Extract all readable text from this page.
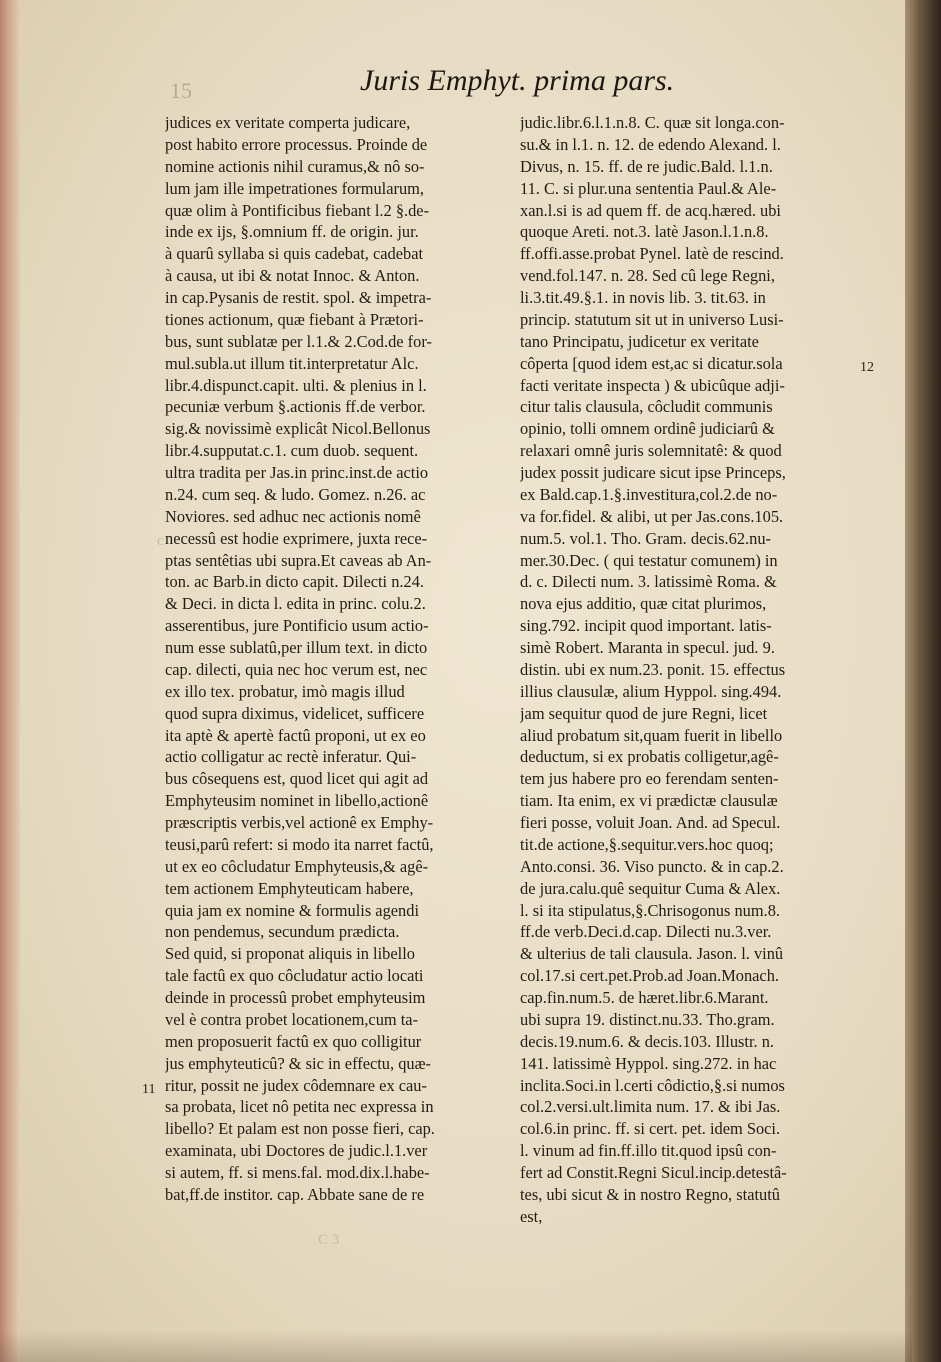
15	Juris Emphyt. prima pars.
judices ex veritate comperta judicare,
post habito errore processus. Proinde de
nomine actionis nihil curamus,& nô so-
lum jam ille impetrationes formularum,
quæ olim à Pontificibus fiebant l.2 §.de-
inde ex ijs, §.omnium ff. de origin. jur.
à quarû syllaba si quis cadebat, cadebat
à causa, ut ibi & notat Innoc. & Anton.
in cap.Pysanis de restit. spol. & impetra-
tiones actionum, quæ fiebant à Prætori-
bus, sunt sublatæ per l.1.& 2.Cod.de for-
mul.subla.ut illum tit.interpretatur Alc.
libr.4.dispunct.capit. ulti. & plenius in l.
pecuniæ verbum §.actionis ff.de verbor.
sig.& novissimè explicât Nicol.Bellonus
libr.4.supputat.c.1. cum duob. sequent.
ultra tradita per Jas.in princ.inst.de actio
n.24. cum seq. & ludo. Gomez. n.26. ac
Noviores. sed adhuc nec actionis nomê
necessû est hodie exprimere, juxta rece-
ptas sentêtias ubi supra.Et caveas ab An-
ton. ac Barb.in dicto capit. Dilecti n.24.
& Deci. in dicta l. edita in princ. colu.2.
asserentibus, jure Pontificio usum actio-
num esse sublatû,per illum text. in dicto
cap. dilecti, quia nec hoc verum est, nec
ex illo tex. probatur, imò magis illud
quod supra diximus, videlicet, sufficere
ita aptè & apertè factû proponi, ut ex eo
actio colligatur ac rectè inferatur. Qui-
bus côsequens est, quod licet qui agit ad
Emphyteusim nominet in libello,actionê
præscriptis verbis,vel actionê ex Emphy-
teusi,parû refert: si modo ita narret factû,
ut ex eo côcludatur Emphyteusis,& agê-
tem actionem Emphyteuticam habere,
quia jam ex nomine & formulis agendi
non pendemus, secundum prædicta.
Sed quid, si proponat aliquis in libello
tale factû ex quo côcludatur actio locati
deinde in processû probet emphyteusim
vel è contra probet locationem,cum ta-
men proposuerit factû ex quo colligitur
jus emphyteuticû? & sic in effectu, quæ-
ritur, possit ne judex côdemnare ex cau-
sa probata, licet nô petita nec expressa in
libello? Et palam est non posse fieri, cap.
examinata, ubi Doctores de judic.l.1.ver
si autem, ff. si mens.fal. mod.dix.l.habe-
bat,ff.de institor. cap. Abbate sane de re
judic.libr.6.l.1.n.8. C. quæ sit longa.con-
su.& in l.1. n. 12. de edendo Alexand. l.
Divus, n. 15. ff. de re judic.Bald. l.1.n.
11. C. si plur.una sententia Paul.& Ale-
xan.l.si is ad quem ff. de acq.hæred. ubi
quoque Areti. not.3. latè Jason.l.1.n.8.
ff.offi.asse.probat Pynel. latè de rescind.
vend.fol.147. n. 28. Sed cû lege Regni,
li.3.tit.49.§.1. in novis lib. 3. tit.63. in
princip. statutum sit ut in universo Lusi-
tano Principatu, judicetur ex veritate
côperta [quod idem est,ac si dicatur.sola
facti veritate inspecta ) & ubicûque adji-
citur talis clausula, côcludit communis
opinio, tolli omnem ordinê judiciarû &
relaxari omnê juris solemnitatê: & quod
judex possit judicare sicut ipse Princeps,
ex Bald.cap.1.§.investitura,col.2.de no-
va for.fidel. & alibi, ut per Jas.cons.105.
num.5. vol.1. Tho. Gram. decis.62.nu-
mer.30.Dec. ( qui testatur comunem) in
d. c. Dilecti num. 3. latissimè Roma. &
nova ejus additio, quæ citat plurimos,
sing.792. incipit quod important. latis-
simè Robert. Maranta in specul. jud. 9.
distin. ubi ex num.23. ponit. 15. effectus
illius clausulæ, alium Hyppol. sing.494.
jam sequitur quod de jure Regni, licet
aliud probatum sit,quam fuerit in libello
deductum, si ex probatis colligetur,agê-
tem jus habere pro eo ferendam senten-
tiam. Ita enim, ex vi prædictæ clausulæ
fieri posse, voluit Joan. And. ad Specul.
tit.de actione,§.sequitur.vers.hoc quoq;
Anto.consi. 36. Viso puncto. & in cap.2.
de jura.calu.quê sequitur Cuma & Alex.
l. si ita stipulatus,§.Chrisogonus num.8.
ff.de verb.Deci.d.cap. Dilecti nu.3.ver.
& ulterius de tali clausula. Jason. l. vinû
col.17.si cert.pet.Prob.ad Joan.Monach.
cap.fin.num.5. de hæret.libr.6.Marant.
ubi supra 19. distinct.nu.33. Tho.gram.
decis.19.num.6. & decis.103. Illustr. n.
141. latissimè Hyppol. sing.272. in hac
inclita.Soci.in l.certi côdictio,§.si numos
col.2.versi.ult.limita num. 17. & ibi Jas.
col.6.in princ. ff. si cert. pet. idem Soci.
l. vinum ad fin.ff.illo tit.quod ipsû con-
fert ad Constit.Regni Sicul.incip.detestâ-
tes, ubi sicut & in nostro Regno, statutû
est,
12
11
C 3
c
